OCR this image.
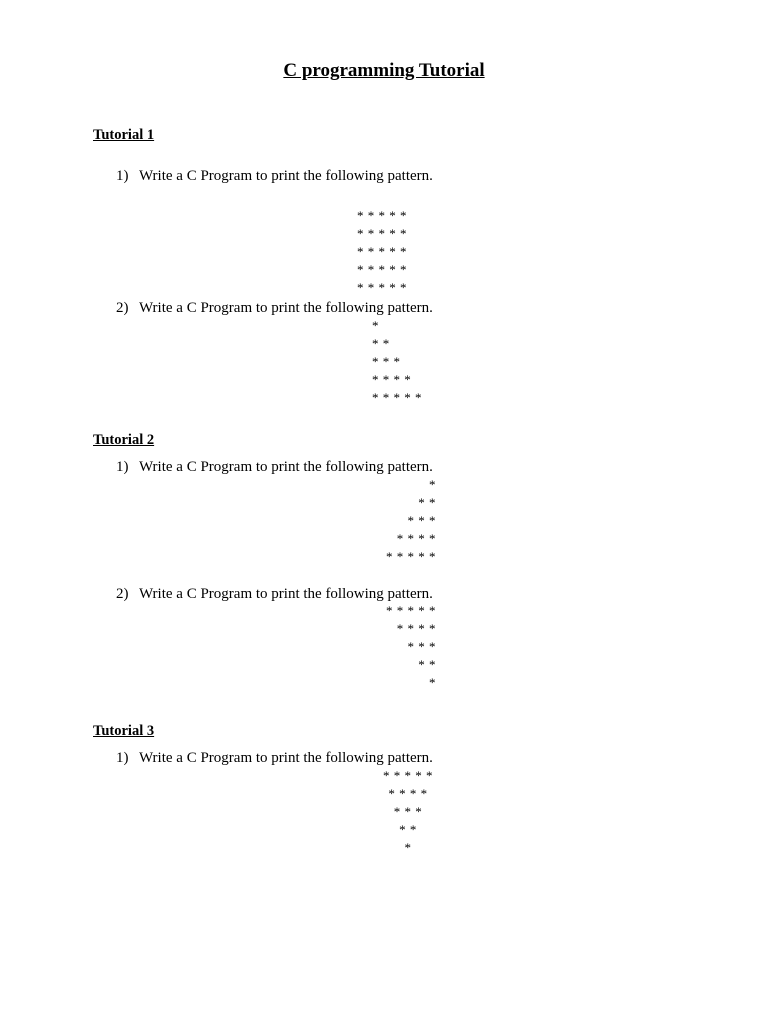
C programming Tutorial
Tutorial 1
1) Write a C Program to print the following pattern.
* * * * *
* * * * *
* * * * *
* * * * *
* * * * *
2) Write a C Program to print the following pattern.
*
* *
* * *
* * * *
* * * * *
Tutorial 2
1) Write a C Program to print the following pattern.
*
* *
* * *
* * * *
* * * * *
2) Write a C Program to print the following pattern.
* * * * *
* * * *
* * *
* *
*
Tutorial 3
1) Write a C Program to print the following pattern.
* * * * *
* * * *
* * *
* *
*
